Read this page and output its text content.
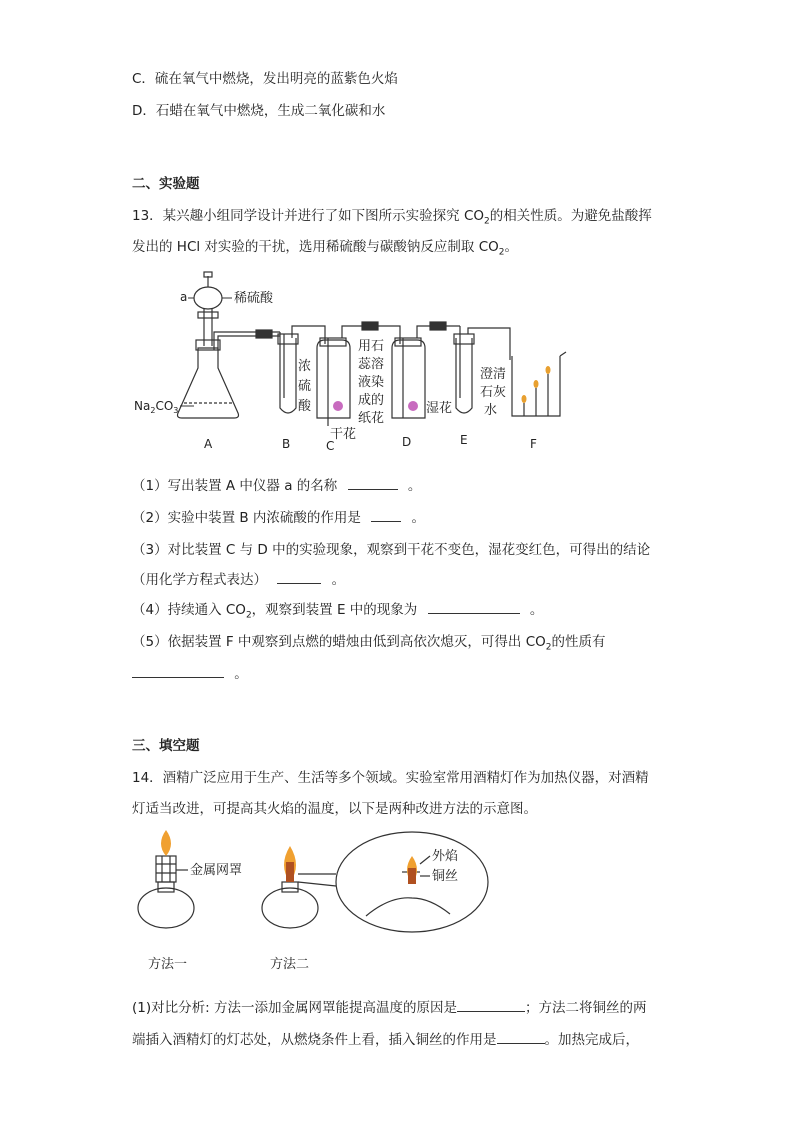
C．硫在氧气中燃烧，发出明亮的蓝紫色火焰
D．石蜡在氧气中燃烧，生成二氧化碳和水
二、实验题
13．某兴趣小组同学设计并进行了如下图所示实验探究 $CO_2$的相关性质。为避免盐酸挥
发出的 HCl 对实验的干扰，选用稀硫酸与碳酸钠反应制取 $CO_2$。
a	稀硫酸
$Na_2CO_3$
浓
硫
酸
用石
蕊溶
液染
成的
纸花
干花
湿花
澄清
石灰
水
A	B	C	D	E	F
（1）写出装置 A 中仪器 a 的名称	。
（2）实验中装置 B 内浓硫酸的作用是	。
（3）对比装置 C 与 D 中的实验现象，观察到干花不变色，湿花变红色，可得出的结论
（用化学方程式表达）	。
（4）持续通入 $CO_2$，观察到装置 E 中的现象为	。
（5）依据装置 F 中观察到点燃的蜡烛由低到高依次熄灭，可得出 $CO_2$的性质有
。
三、填空题
14．酒精广泛应用于生产、生活等多个领域。实验室常用酒精灯作为加热仪器，对酒精
灯适当改进，可提高其火焰的温度，以下是两种改进方法的示意图。
金属网罩
外焰
铜丝
方法一	方法二
(1)对比分析: 方法一添加金属网罩能提高温度的原因是	；方法二将铜丝的两
端插入酒精灯的灯芯处，从燃烧条件上看，插入铜丝的作用是	。加热完成后，
